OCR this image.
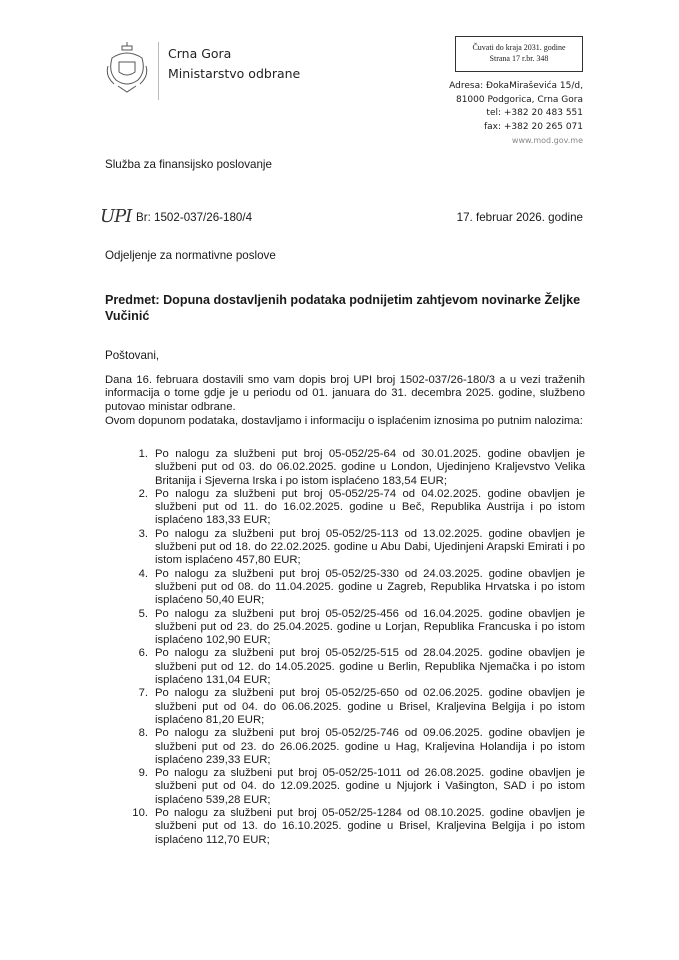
Crna Gora
Ministarstvo odbrane
Čuvati do kraja 2031. godine
Strana 17 r.br. 348
Adresa: ĐokaMiraševića 15/d,
81000 Podgorica, Crna Gora
tel: +382 20 483 551
fax: +382 20 265 071
www.mod.gov.me
Služba za finansijsko poslovanje
UPI Br: 1502-037/26-180/4	17. februar 2026. godine
Odjeljenje za normativne poslove
Predmet: Dopuna dostavljenih podataka podnijetim zahtjevom novinarke Željke Vučinić
Poštovani,
Dana 16. februara dostavili smo vam dopis broj UPI broj 1502-037/26-180/3 a u vezi traženih informacija o tome gdje je u periodu od 01. januara do 31. decembra 2025. godine, službeno putovao ministar odbrane.
Ovom dopunom podataka, dostavljamo i informaciju o isplaćenim iznosima po putnim nalozima:
1. Po nalogu za službeni put broj 05-052/25-64 od 30.01.2025. godine obavljen je službeni put od 03. do 06.02.2025. godine u London, Ujedinjeno Kraljevstvo Velika Britanija i Sjeverna Irska i po istom isplaćeno 183,54 EUR;
2. Po nalogu za službeni put broj 05-052/25-74 od 04.02.2025. godine obavljen je službeni put od 11. do 16.02.2025. godine u Beč, Republika Austrija i po istom isplaćeno 183,33 EUR;
3. Po nalogu za službeni put broj 05-052/25-113 od 13.02.2025. godine obavljen je službeni put od 18. do 22.02.2025. godine u Abu Dabi, Ujedinjeni Arapski Emirati i po istom isplaćeno 457,80 EUR;
4. Po nalogu za službeni put broj 05-052/25-330 od 24.03.2025. godine obavljen je službeni put od 08. do 11.04.2025. godine u Zagreb, Republika Hrvatska i po istom isplaćeno 50,40 EUR;
5. Po nalogu za službeni put broj 05-052/25-456 od 16.04.2025. godine obavljen je službeni put od 23. do 25.04.2025. godine u Lorjan, Republika Francuska i po istom isplaćeno 102,90 EUR;
6. Po nalogu za službeni put broj 05-052/25-515 od 28.04.2025. godine obavljen je službeni put od 12. do 14.05.2025. godine u Berlin, Republika Njemačka i po istom isplaćeno 131,04 EUR;
7. Po nalogu za službeni put broj 05-052/25-650 od 02.06.2025. godine obavljen je službeni put od 04. do 06.06.2025. godine u Brisel, Kraljevina Belgija i po istom isplaćeno 81,20 EUR;
8. Po nalogu za službeni put broj 05-052/25-746 od 09.06.2025. godine obavljen je službeni put od 23. do 26.06.2025. godine u Hag, Kraljevina Holandija i po istom isplaćeno 239,33 EUR;
9. Po nalogu za službeni put broj 05-052/25-1011 od 26.08.2025. godine obavljen je službeni put od 04. do 12.09.2025. godine u Njujork i Vašington, SAD i po istom isplaćeno 539,28 EUR;
10. Po nalogu za službeni put broj 05-052/25-1284 od 08.10.2025. godine obavljen je službeni put od 13. do 16.10.2025. godine u Brisel, Kraljevina Belgija i po istom isplaćeno 112,70 EUR;
